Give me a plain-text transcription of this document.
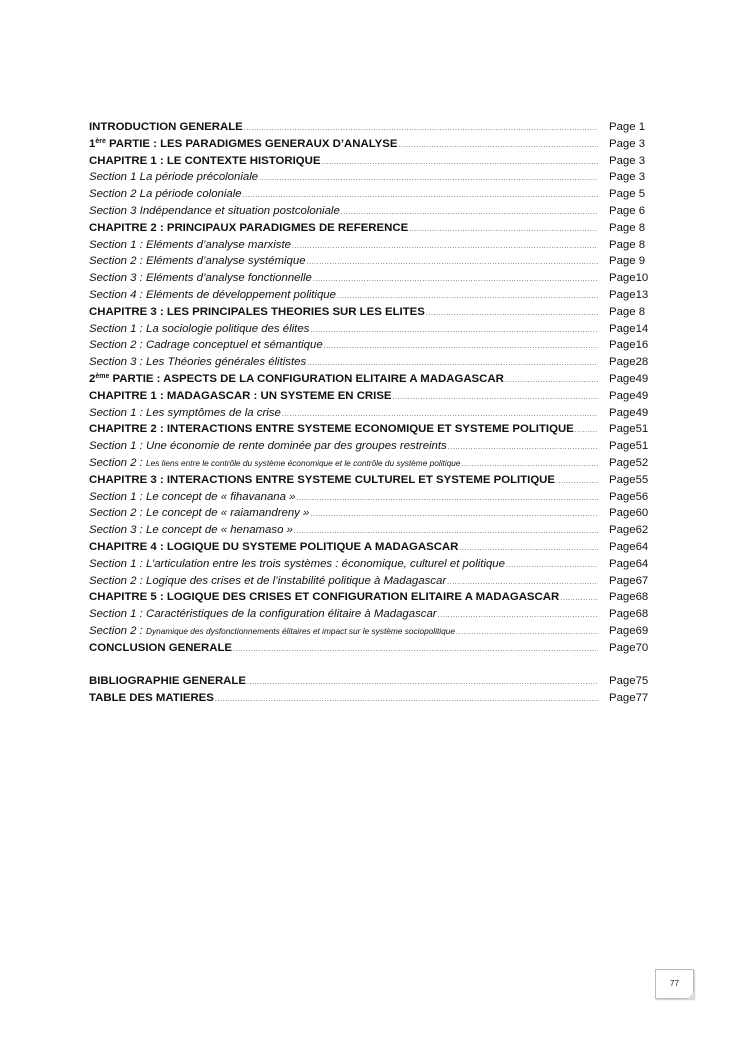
INTRODUCTION GENERALE .....	Page 1
1ère PARTIE : LES PARADIGMES GENERAUX D’ANALYSE .....	Page 3
CHAPITRE 1 : LE CONTEXTE HISTORIQUE .....	Page 3
Section 1 La période précoloniale .....	Page 3
Section 2 La période coloniale .....	Page 5
Section 3 Indépendance et situation postcoloniale .....	Page 6
CHAPITRE 2 : PRINCIPAUX PARADIGMES DE REFERENCE .....	Page 8
Section 1 : Eléments d’analyse marxiste .....	Page 8
Section 2 : Eléments d’analyse systémique .....	Page 9
Section 3 : Eléments d’analyse fonctionnelle .....	Page10
Section 4 : Eléments de développement politique .....	Page13
CHAPITRE 3 : LES PRINCIPALES THEORIES SUR LES ELITES .....	Page 8
Section 1 : La sociologie politique des élites .....	Page14
Section 2 : Cadrage conceptuel et sémantique .....	Page16
Section 3 : Les Théories générales élitistes .....	Page28
2ème PARTIE : ASPECTS DE LA CONFIGURATION ELITAIRE A MADAGASCAR .....	Page49
CHAPITRE 1 : MADAGASCAR : UN SYSTEME EN CRISE .....	Page49
Section 1 : Les symptômes de la crise .....	Page49
CHAPITRE 2 : INTERACTIONS ENTRE SYSTEME ECONOMIQUE ET SYSTEME POLITIQUE .....	Page51
Section 1 : Une économie de rente dominée par des groupes restreints .....	Page51
Section 2 : Les liens entre le contrôle du système économique et le contrôle du système politique .....	Page52
CHAPITRE 3 : INTERACTIONS ENTRE SYSTEME CULTUREL ET SYSTEME POLITIQUE .....	Page55
Section 1 : Le concept de « fihavanana » .....	Page56
Section 2 : Le concept de « raiamandreny » .....	Page60
Section 3 : Le concept de « henamaso » .....	Page62
CHAPITRE 4 : LOGIQUE DU SYSTEME POLITIQUE A MADAGASCAR .....	Page64
Section 1 : L’articulation entre les trois systèmes : économique, culturel et politique .....	Page64
Section 2 : Logique des crises et de l’instabilité politique à Madagascar .....	Page67
CHAPITRE 5 : LOGIQUE DES CRISES ET CONFIGURATION ELITAIRE A MADAGASCAR .....	Page68
Section 1 : Caractéristiques de la configuration élitaire à Madagascar .....	Page68
Section 2 : Dynamique des dysfonctionnements élitaires et impact sur le système sociopolitique .....	Page69
CONCLUSION GENERALE .....	Page70
BIBLIOGRAPHIE GENERALE .....	Page75
TABLE DES MATIERES .....	Page77
77
